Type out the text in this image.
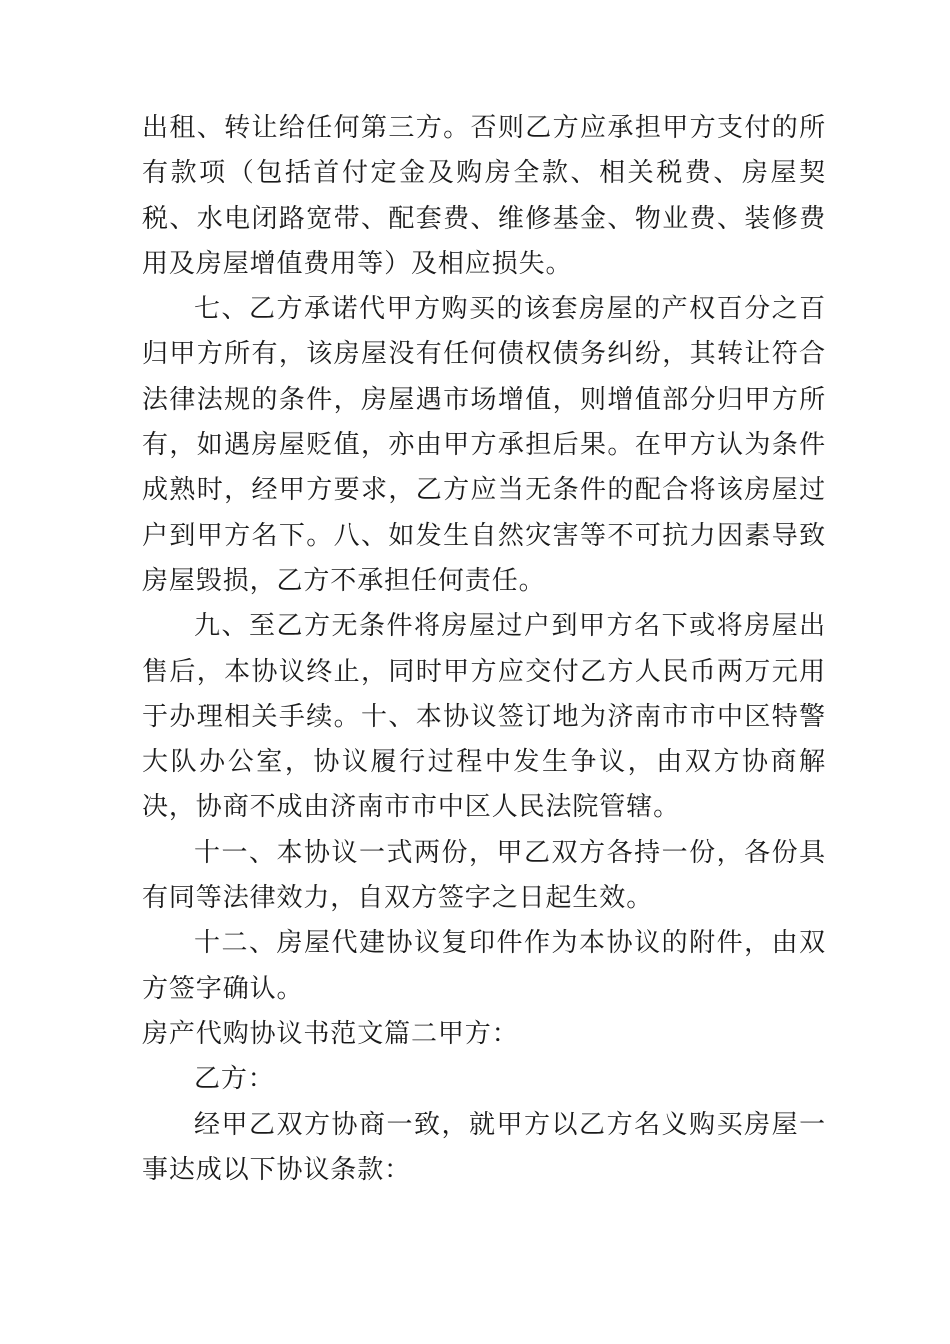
出租、转让给任何第三方。否则乙方应承担甲方支付的所有款项（包括首付定金及购房全款、相关税费、房屋契税、水电闭路宽带、配套费、维修基金、物业费、装修费用及房屋增值费用等）及相应损失。

七、乙方承诺代甲方购买的该套房屋的产权百分之百归甲方所有，该房屋没有任何债权债务纠纷，其转让符合法律法规的条件，房屋遇市场增值，则增值部分归甲方所有，如遇房屋贬值，亦由甲方承担后果。在甲方认为条件成熟时，经甲方要求，乙方应当无条件的配合将该房屋过户到甲方名下。八、如发生自然灾害等不可抗力因素导致房屋毁损，乙方不承担任何责任。

九、至乙方无条件将房屋过户到甲方名下或将房屋出售后，本协议终止，同时甲方应交付乙方人民币两万元用于办理相关手续。十、本协议签订地为济南市市中区特警大队办公室，协议履行过程中发生争议，由双方协商解决，协商不成由济南市市中区人民法院管辖。

十一、本协议一式两份，甲乙双方各持一份，各份具有同等法律效力，自双方签字之日起生效。

十二、房屋代建协议复印件作为本协议的附件，由双方签字确认。

房产代购协议书范文篇二甲方：

乙方：

经甲乙双方协商一致，就甲方以乙方名义购买房屋一事达成以下协议条款：
